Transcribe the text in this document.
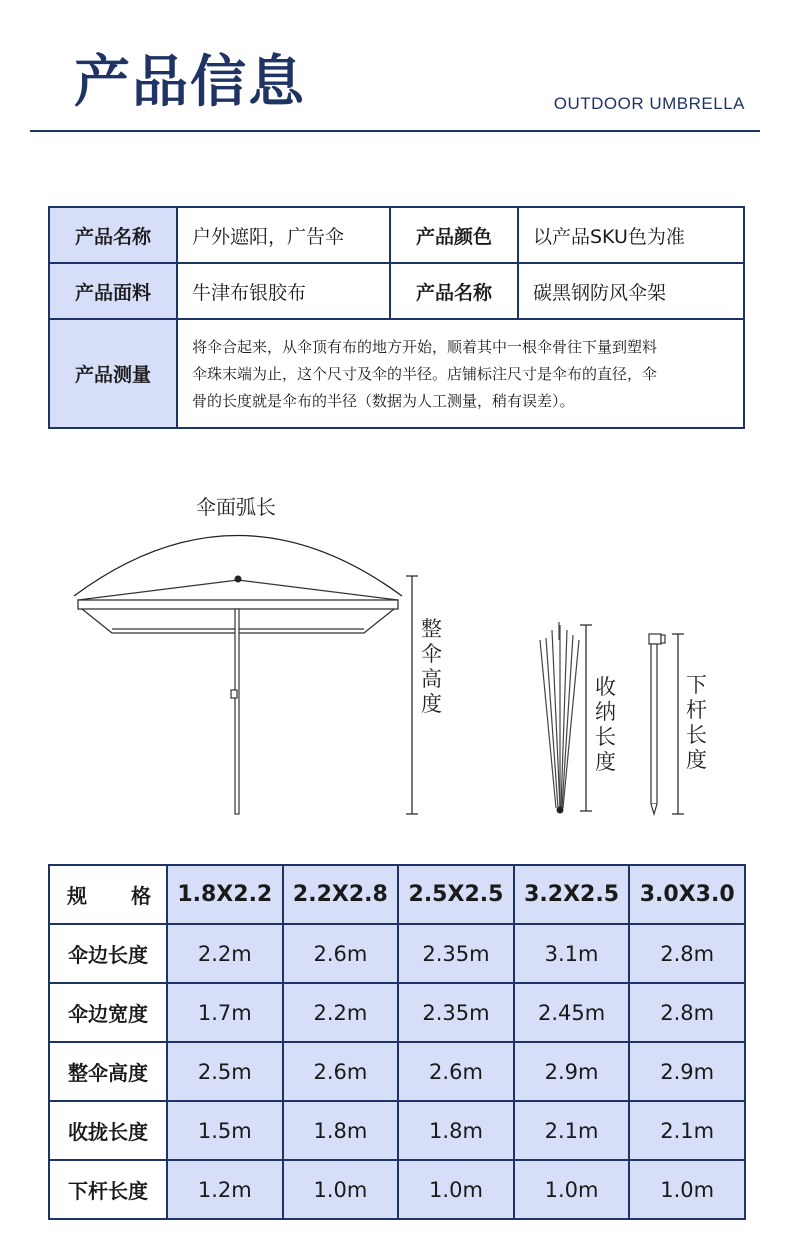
产品信息	OUTDOOR UMBRELLA
产品名称	户外遮阳，广告伞	产品颜色	以产品SKU色为准
产品面料	牛津布银胶布	产品名称	碳黑钢防风伞架
产品测量	将伞合起来，从伞顶有布的地方开始，顺着其中一根伞骨往下量到塑料
伞珠末端为止，这个尺寸及伞的半径。店铺标注尺寸是伞布的直径，伞
骨的长度就是伞布的半径（数据为人工测量，稍有误差）。		
伞面弧长
整
伞
高
度
收
纳
长
度
下
杆
长
度
规 格	1.8X2.2	2.2X2.8	2.5X2.5	3.2X2.5	3.0X3.0
伞边长度	2.2m	2.6m	2.35m	3.1m	2.8m
伞边宽度	1.7m	2.2m	2.35m	2.45m	2.8m
整伞高度	2.5m	2.6m	2.6m	2.9m	2.9m
收拢长度	1.5m	1.8m	1.8m	2.1m	2.1m
下杆长度	1.2m	1.0m	1.0m	1.0m	1.0m
